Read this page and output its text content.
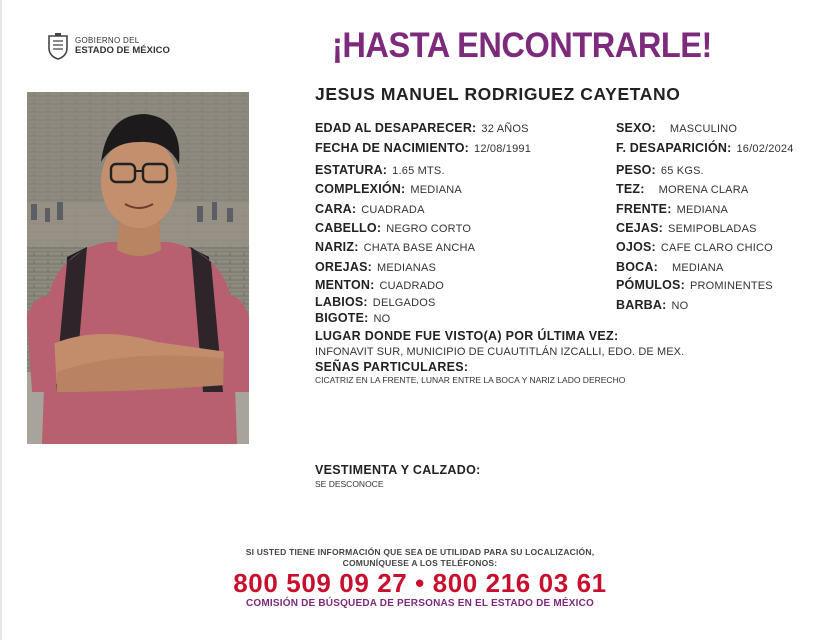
GOBIERNO DEL
ESTADO DE MÉXICO	¡HASTA ENCONTRARLE!
JESUS MANUEL RODRIGUEZ CAYETANO
EDAD AL DESAPARECER: 32 AÑOS
FECHA DE NACIMIENTO: 12/08/1991
ESTATURA: 1.65 MTS.
COMPLEXIÓN: MEDIANA
CARA: CUADRADA
CABELLO: NEGRO CORTO
NARIZ: CHATA BASE ANCHA
OREJAS: MEDIANAS
MENTON: CUADRADO
LABIOS: DELGADOS
BIGOTE: NO
SEXO: MASCULINO
F. DESAPARICIÓN: 16/02/2024
PESO: 65 KGS.
TEZ: MORENA CLARA
FRENTE: MEDIANA
CEJAS: SEMIPOBLADAS
OJOS: CAFE CLARO CHICO
BOCA: MEDIANA
PÓMULOS: PROMINENTES
BARBA: NO
LUGAR DONDE FUE VISTO(A) POR ÚLTIMA VEZ:
INFONAVIT SUR, MUNICIPIO DE CUAUTITLÁN IZCALLI, EDO. DE MEX.
SEÑAS PARTICULARES:
CICATRIZ EN LA FRENTE, LUNAR ENTRE LA BOCA Y NARIZ LADO DERECHO
VESTIMENTA Y CALZADO:
SE DESCONOCE
SI USTED TIENE INFORMACIÓN QUE SEA DE UTILIDAD PARA SU LOCALIZACIÓN,
COMUNÍQUESE A LOS TELÉFONOS:
800 509 09 27 • 800 216 03 61
COMISIÓN DE BÚSQUEDA DE PERSONAS EN EL ESTADO DE MÉXICO
